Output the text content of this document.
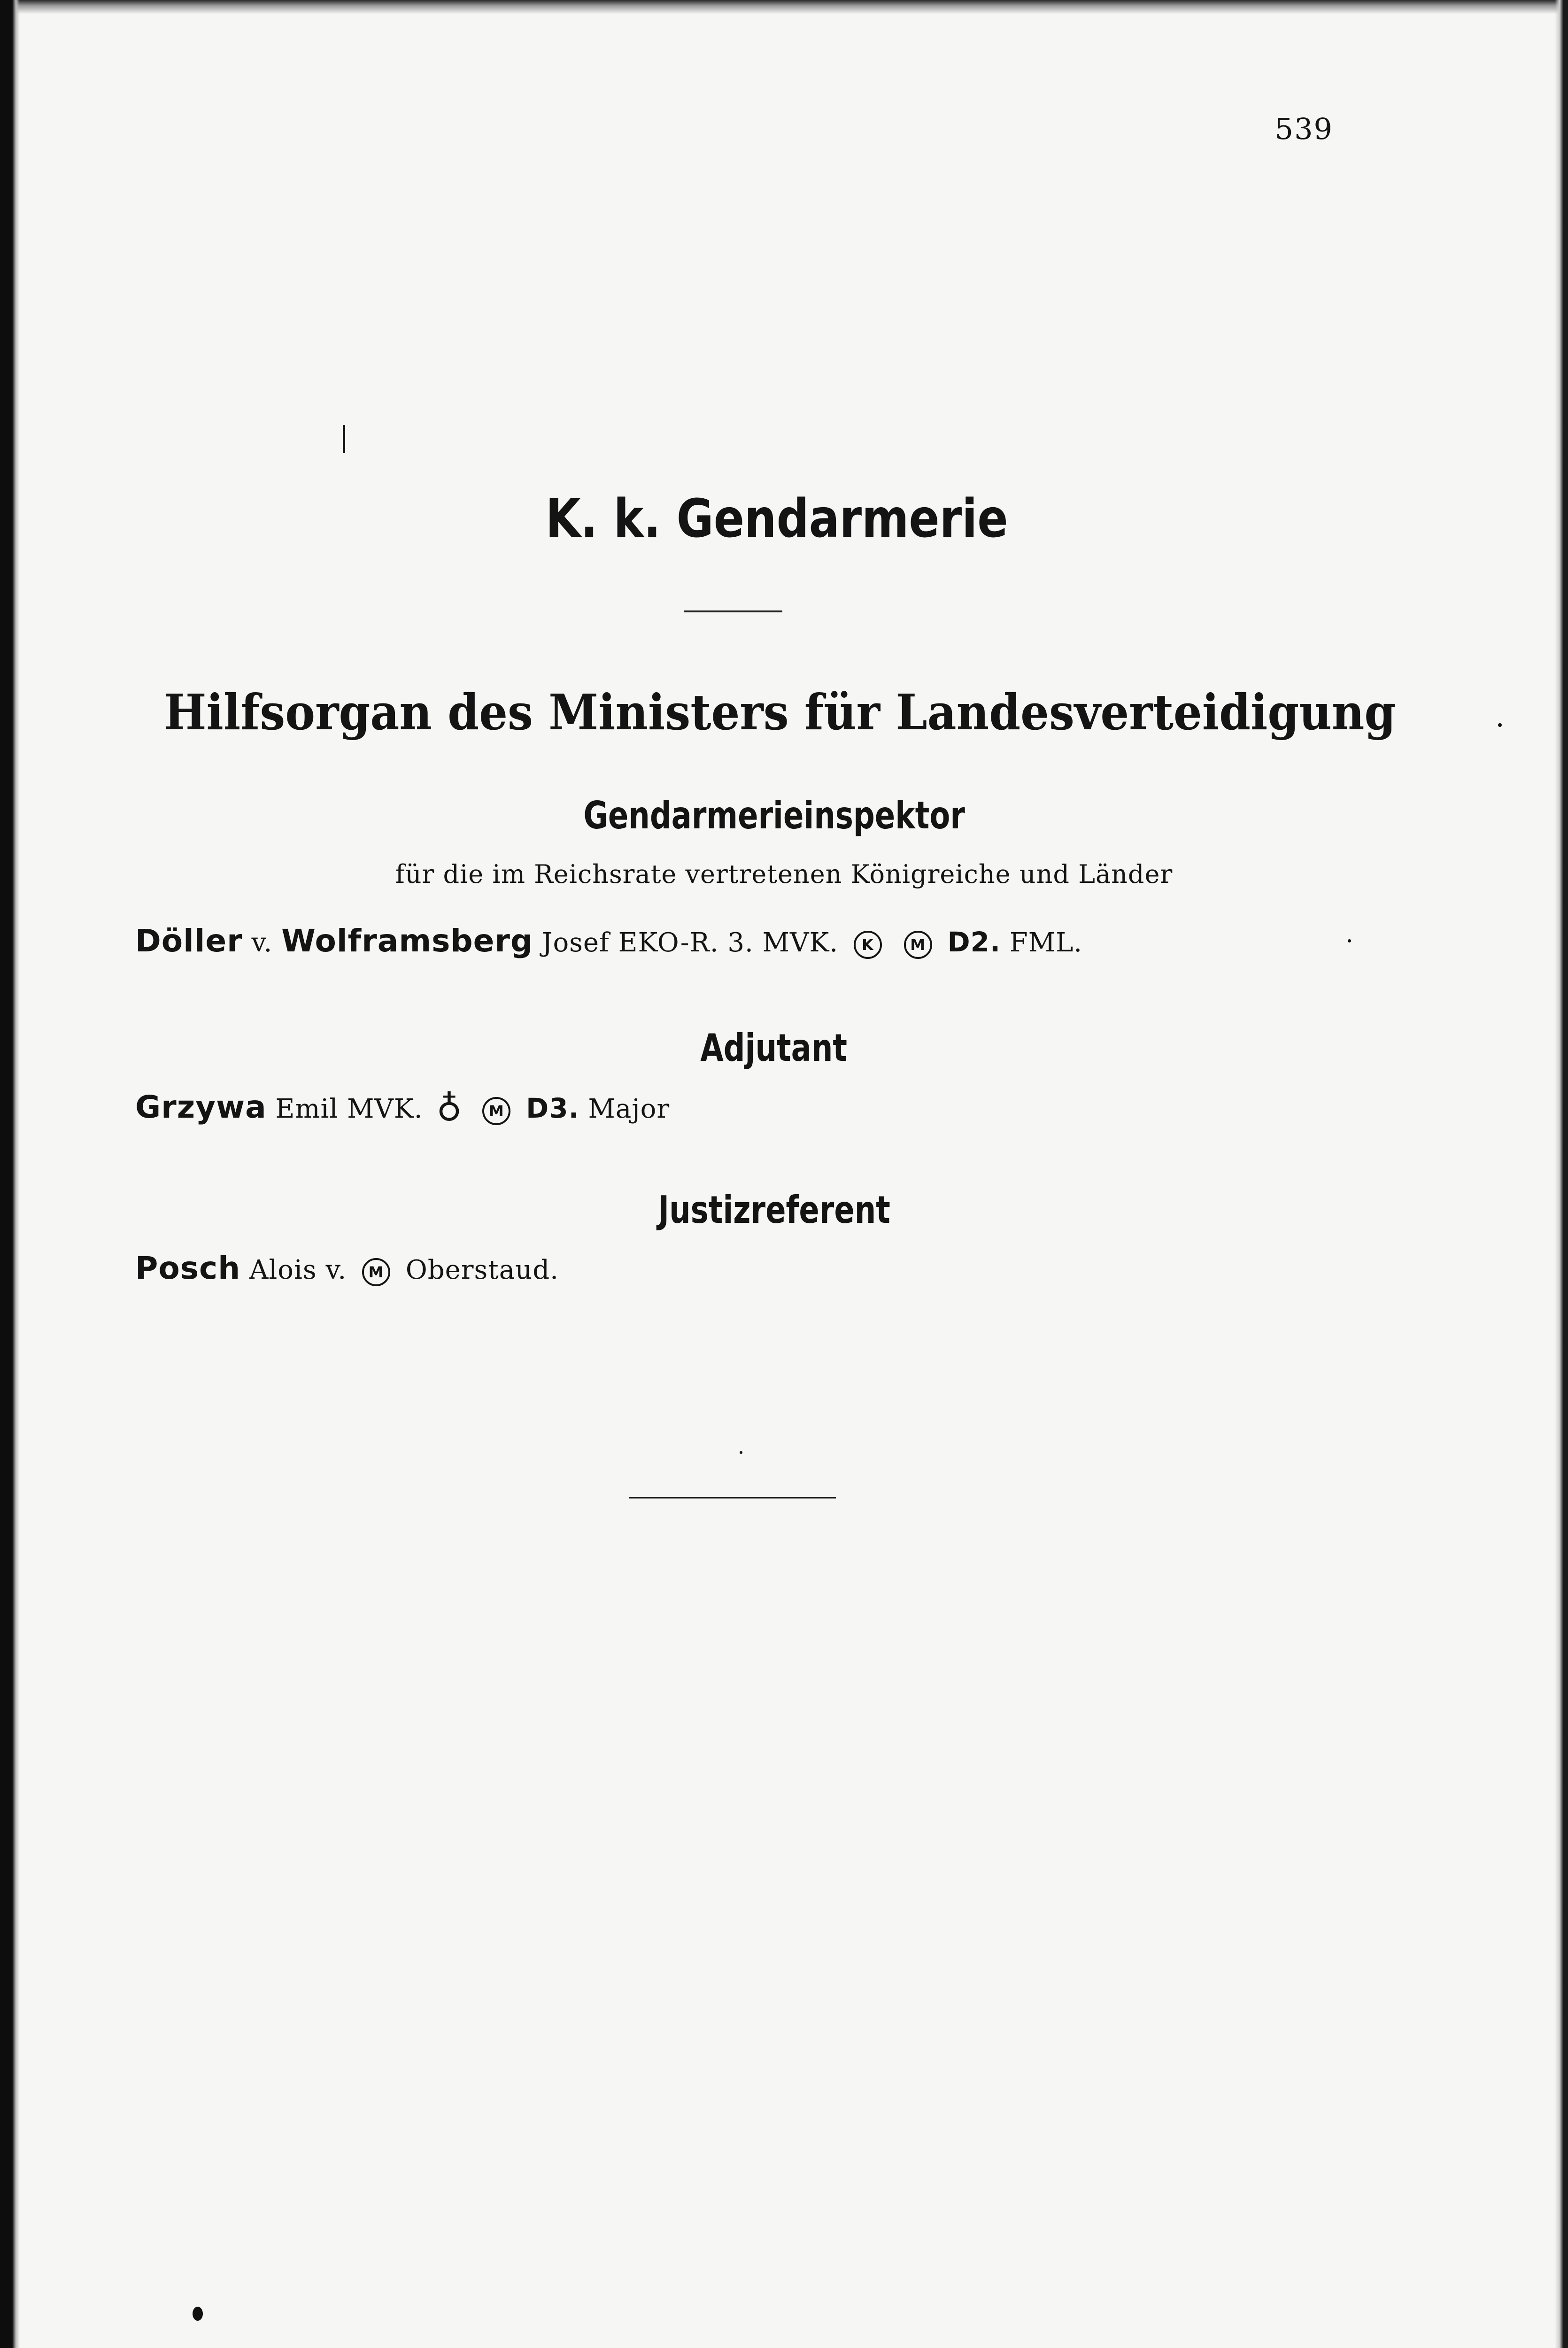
539
K. k. Gendarmerie
Hilfsorgan des Ministers für Landesverteidigung
Gendarmerieinspektor
für die im Reichsrate vertretenen Königreiche und Länder
Döller v. Wolframsberg Josef EKO-R. 3. MVK. K M D2. FML.
Adjutant
Grzywa Emil MVK. ♁ M D3. Major
Justizreferent
Posch Alois v. M Oberstaud.
